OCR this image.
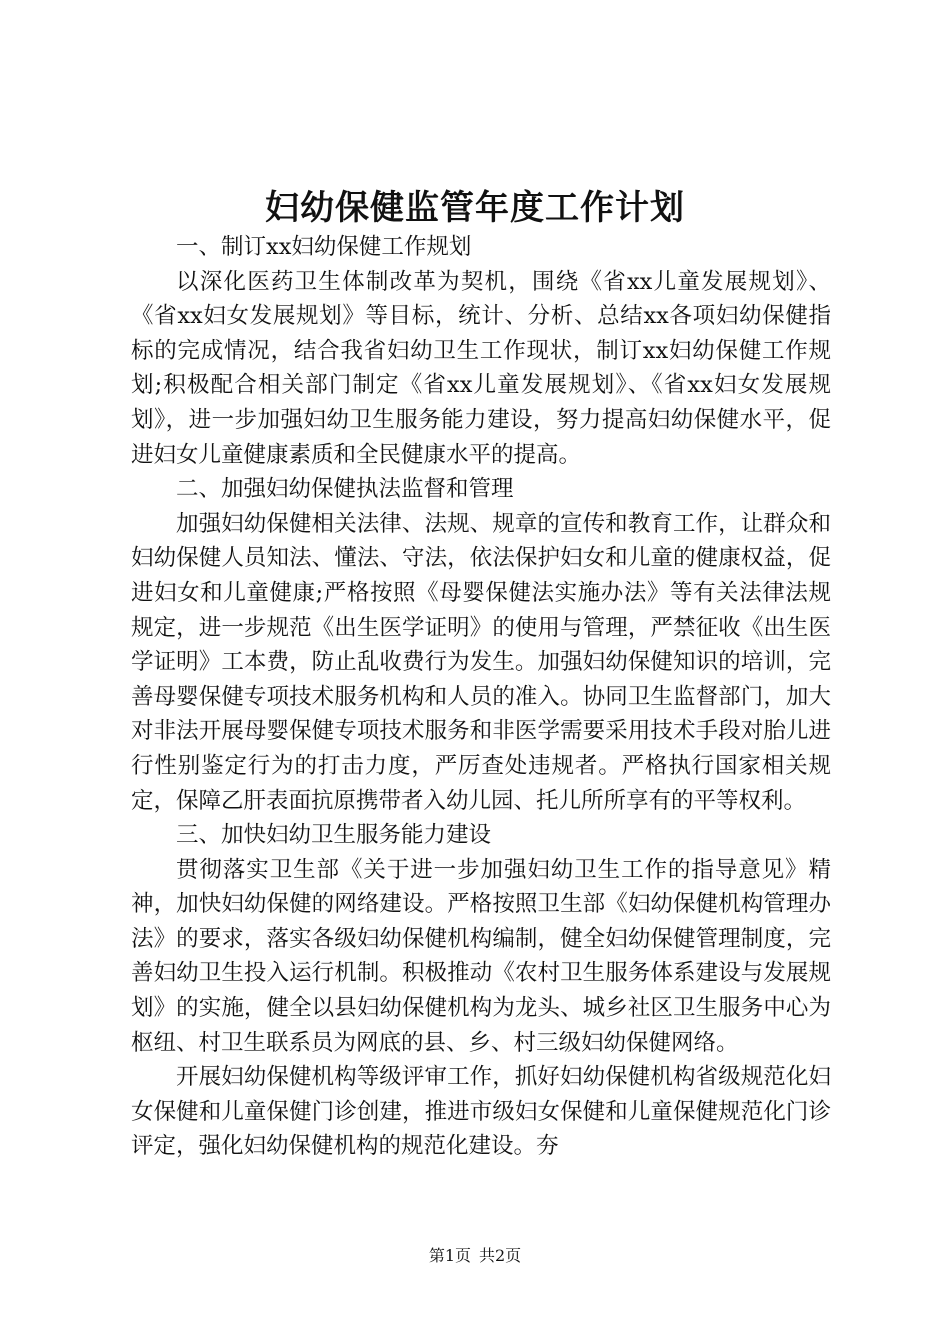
妇幼保健监管年度工作计划

一、制订xx妇幼保健工作规划

以深化医药卫生体制改革为契机，围绕《省xx儿童发展规划》、《省xx妇女发展规划》等目标，统计、分析、总结xx各项妇幼保健指标的完成情况，结合我省妇幼卫生工作现状，制订xx妇幼保健工作规划;积极配合相关部门制定《省xx儿童发展规划》、《省xx妇女发展规划》，进一步加强妇幼卫生服务能力建设，努力提高妇幼保健水平，促进妇女儿童健康素质和全民健康水平的提高。

二、加强妇幼保健执法监督和管理

加强妇幼保健相关法律、法规、规章的宣传和教育工作，让群众和妇幼保健人员知法、懂法、守法，依法保护妇女和儿童的健康权益，促进妇女和儿童健康;严格按照《母婴保健法实施办法》等有关法律法规规定，进一步规范《出生医学证明》的使用与管理，严禁征收《出生医学证明》工本费，防止乱收费行为发生。加强妇幼保健知识的培训，完善母婴保健专项技术服务机构和人员的准入。协同卫生监督部门，加大对非法开展母婴保健专项技术服务和非医学需要采用技术手段对胎儿进行性别鉴定行为的打击力度，严厉查处违规者。严格执行国家相关规定，保障乙肝表面抗原携带者入幼儿园、托儿所所享有的平等权利。

三、加快妇幼卫生服务能力建设

贯彻落实卫生部《关于进一步加强妇幼卫生工作的指导意见》精神，加快妇幼保健的网络建设。严格按照卫生部《妇幼保健机构管理办法》的要求，落实各级妇幼保健机构编制，健全妇幼保健管理制度，完善妇幼卫生投入运行机制。积极推动《农村卫生服务体系建设与发展规划》的实施，健全以县妇幼保健机构为龙头、城乡社区卫生服务中心为枢纽、村卫生联系员为网底的县、乡、村三级妇幼保健网络。

开展妇幼保健机构等级评审工作，抓好妇幼保健机构省级规范化妇女保健和儿童保健门诊创建，推进市级妇女保健和儿童保健规范化门诊评定，强化妇幼保健机构的规范化建设。夯

第1页 共2页
